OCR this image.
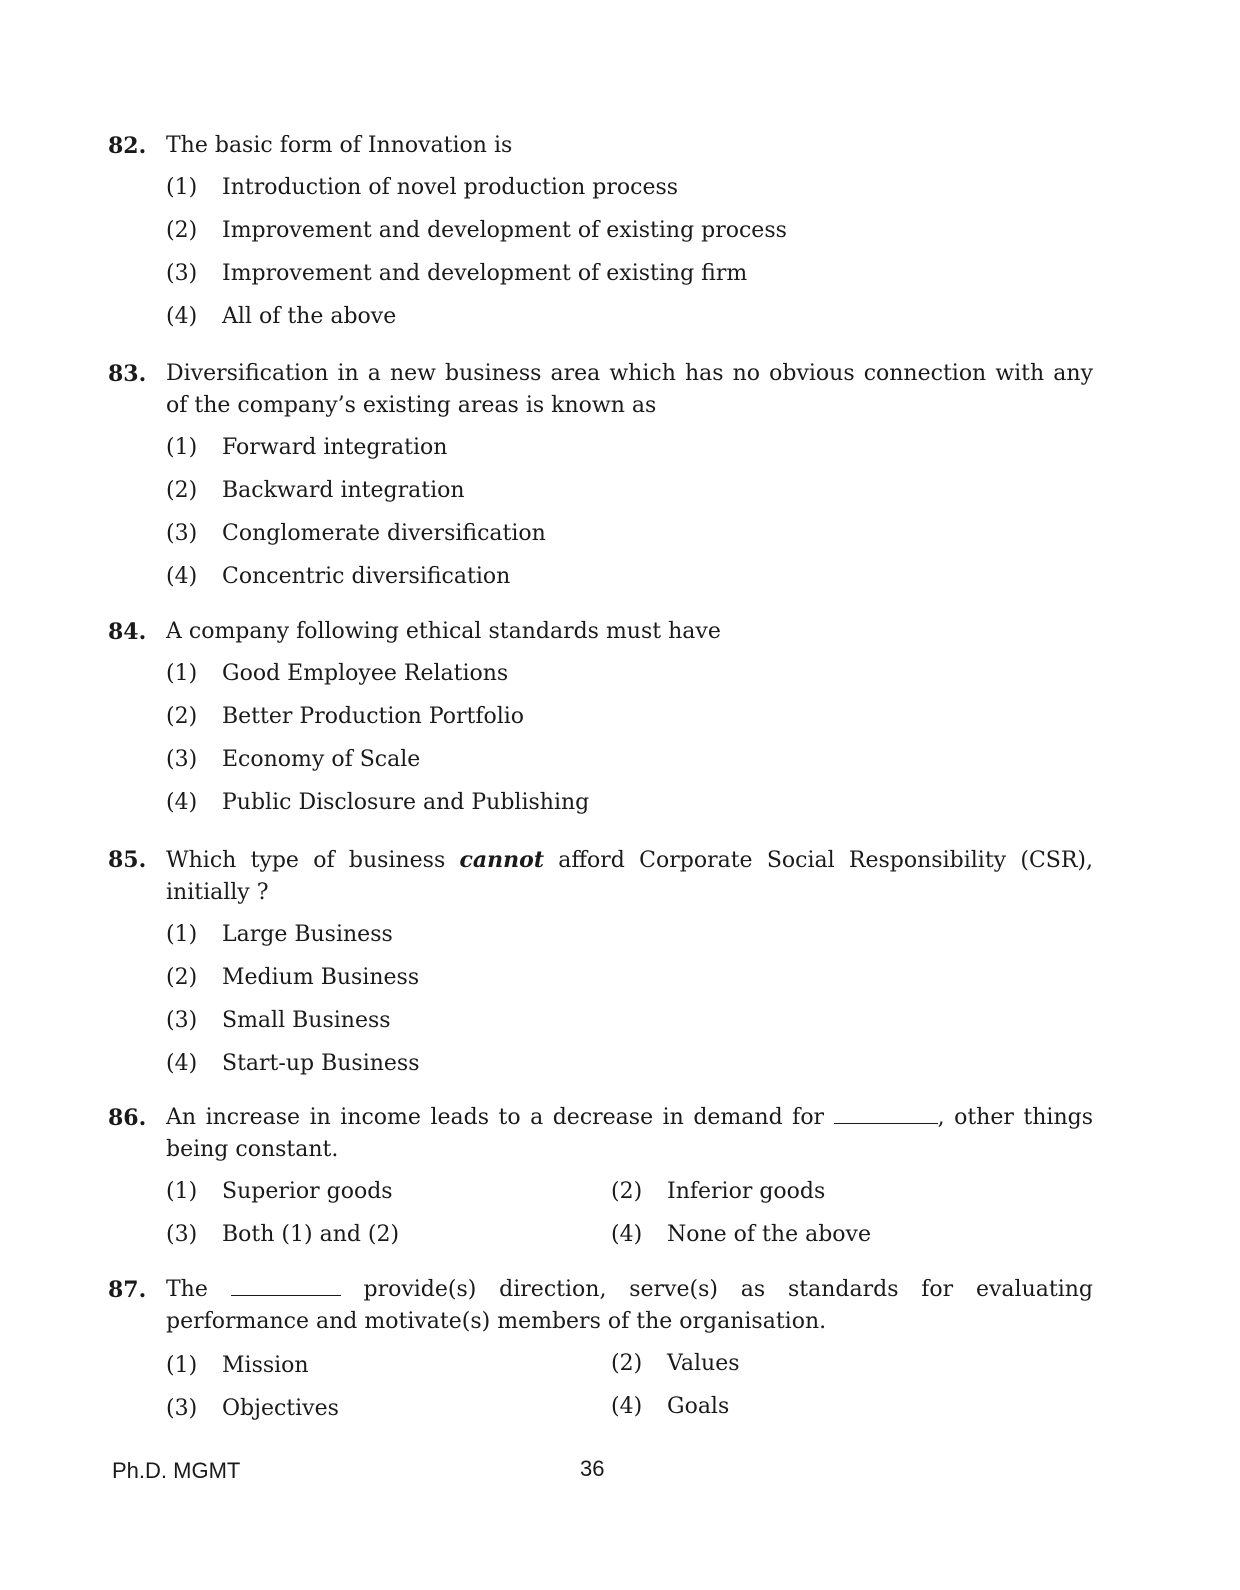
82. The basic form of Innovation is
(1) Introduction of novel production process
(2) Improvement and development of existing process
(3) Improvement and development of existing firm
(4) All of the above
83. Diversification in a new business area which has no obvious connection with any of the company’s existing areas is known as
(1) Forward integration
(2) Backward integration
(3) Conglomerate diversification
(4) Concentric diversification
84. A company following ethical standards must have
(1) Good Employee Relations
(2) Better Production Portfolio
(3) Economy of Scale
(4) Public Disclosure and Publishing
85. Which type of business cannot afford Corporate Social Responsibility (CSR), initially ?
(1) Large Business
(2) Medium Business
(3) Small Business
(4) Start-up Business
86. An increase in income leads to a decrease in demand for	, other things being constant.
(1) Superior goods	(2) Inferior goods
(3) Both (1) and (2)	(4) None of the above
87. The	provide(s) direction, serve(s) as standards for evaluating performance and motivate(s) members of the organisation.
(1) Mission	(2) Values
(3) Objectives	(4) Goals
Ph.D. MGMT	36
